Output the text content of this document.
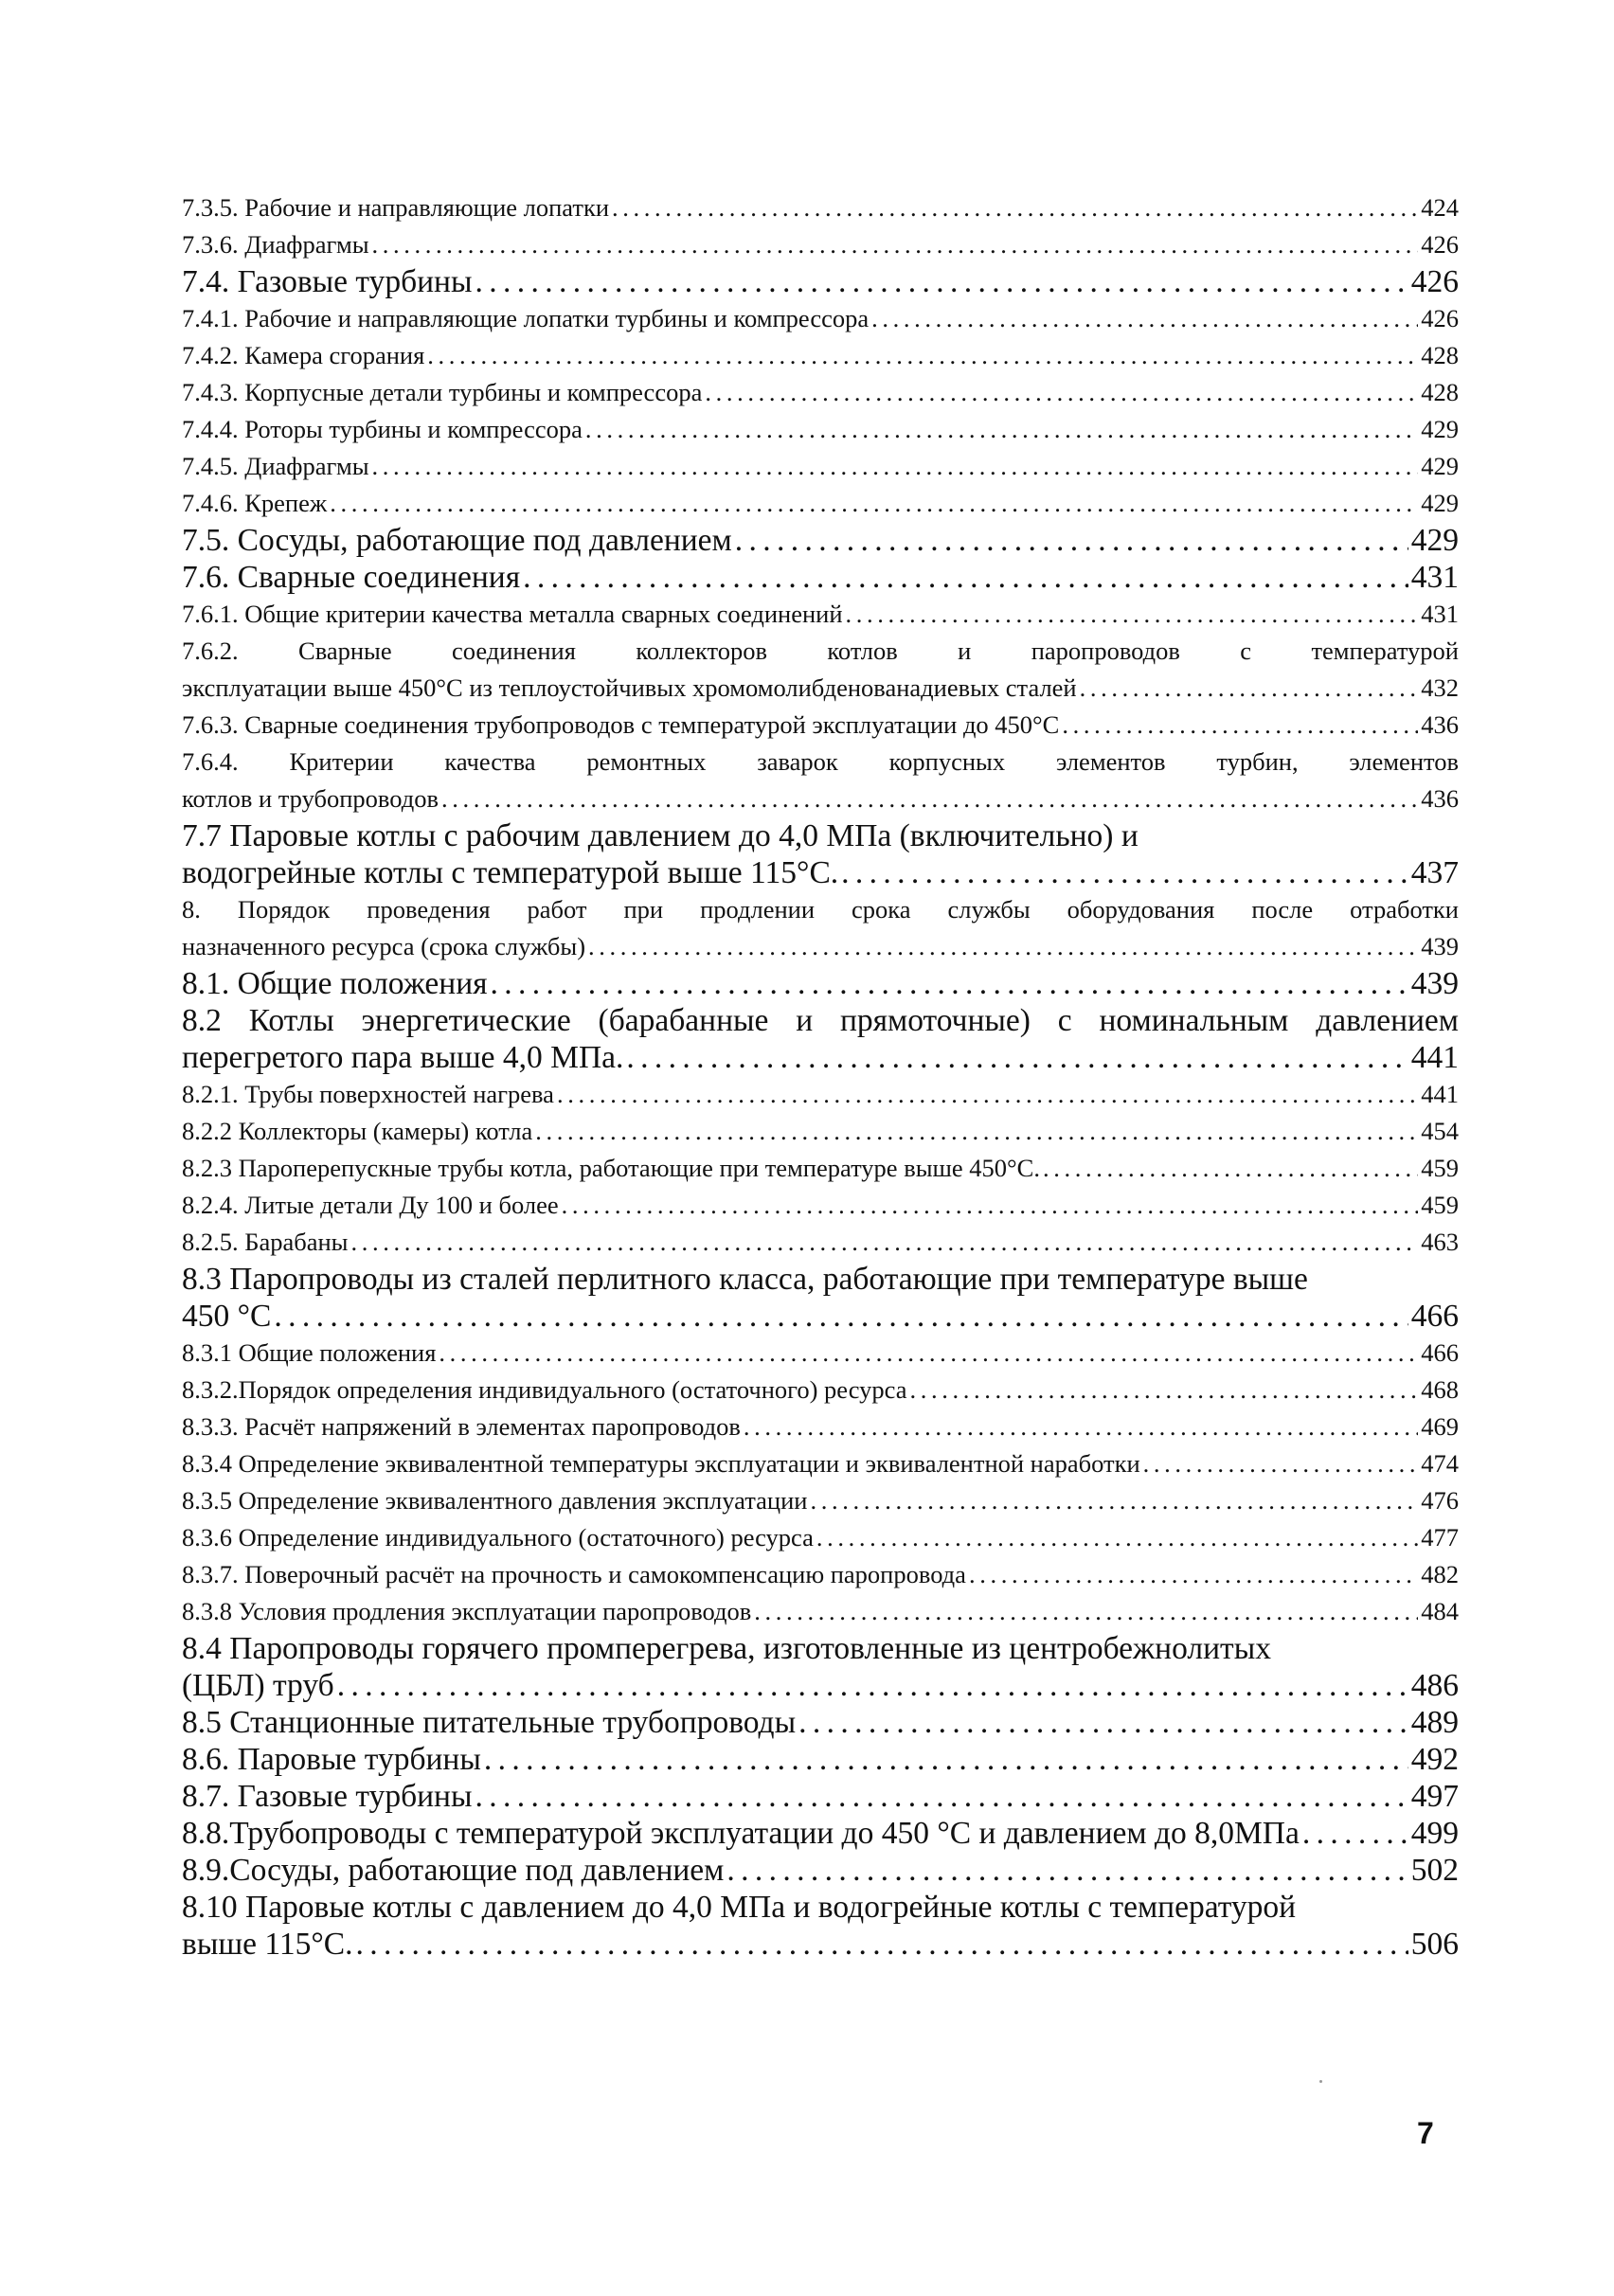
7.3.5. Рабочие и направляющие лопатки . . .	424
7.3.6. Диафрагмы . . .	426
7.4. Газовые турбины . . .	426
7.4.1. Рабочие и направляющие лопатки турбины и компрессора . . .	426
7.4.2. Камера сгорания . . .	428
7.4.3. Корпусные детали турбины и компрессора . . .	428
7.4.4. Роторы турбины и компрессора . . .	429
7.4.5. Диафрагмы . . .	429
7.4.6. Крепеж . . .	429
7.5. Сосуды, работающие под давлением . . .	429
7.6. Сварные соединения . . .	431
7.6.1. Общие критерии качества металла сварных соединений . . .	431
7.6.2. Сварные соединения коллекторов котлов и паропроводов с температурой
эксплуатации выше 450°С из теплоустойчивых хромомолибденованадиевых сталей . . .	432
7.6.3. Сварные соединения трубопроводов с температурой эксплуатации до 450°С . . .	436
7.6.4. Критерии качества ремонтных заварок корпусных элементов турбин, элементов
котлов и трубопроводов . . .	436
7.7 Паровые котлы с рабочим давлением до 4,0 МПа (включительно) и
водогрейные котлы с температурой выше 115°С. . . .	437
8. Порядок проведения работ при продлении срока службы оборудования после отработки
назначенного ресурса (срока службы) . . .	439
8.1. Общие положения . . .	439
8.2 Котлы энергетические (барабанные и прямоточные) с номинальным давлением
перегретого пара выше 4,0 МПа. . . .	441
8.2.1. Трубы поверхностей нагрева . . .	441
8.2.2 Коллекторы (камеры) котла . . .	454
8.2.3 Пароперепускные трубы котла, работающие при температуре выше 450°С. . . .	459
8.2.4. Литые детали Ду 100 и более . . .	459
8.2.5. Барабаны . . .	463
8.3 Паропроводы из сталей перлитного класса, работающие при температуре выше
450 °С . . .	466
8.3.1 Общие положения . . .	466
8.3.2.Порядок определения индивидуального (остаточного) ресурса . . .	468
8.3.3. Расчёт напряжений в элементах паропроводов . . .	469
8.3.4 Определение эквивалентной температуры эксплуатации и эквивалентной наработки . . .	474
8.3.5 Определение эквивалентного давления эксплуатации . . .	476
8.3.6 Определение индивидуального (остаточного) ресурса . . .	477
8.3.7. Поверочный расчёт на прочность и самокомпенсацию паропровода . . .	482
8.3.8 Условия продления эксплуатации паропроводов . . .	484
8.4 Паропроводы горячего промперегрева, изготовленные из центробежнолитых
(ЦБЛ) труб . . .	486
8.5 Станционные питательные трубопроводы . . .	489
8.6. Паровые турбины . . .	492
8.7. Газовые турбины . . .	497
8.8.Трубопроводы с температурой эксплуатации до 450 °С и давлением до 8,0МПа . . .	499
8.9.Сосуды, работающие под давлением . . .	502
8.10 Паровые котлы с давлением до 4,0 МПа и водогрейные котлы с температурой
выше 115°С. . . .	506
7
